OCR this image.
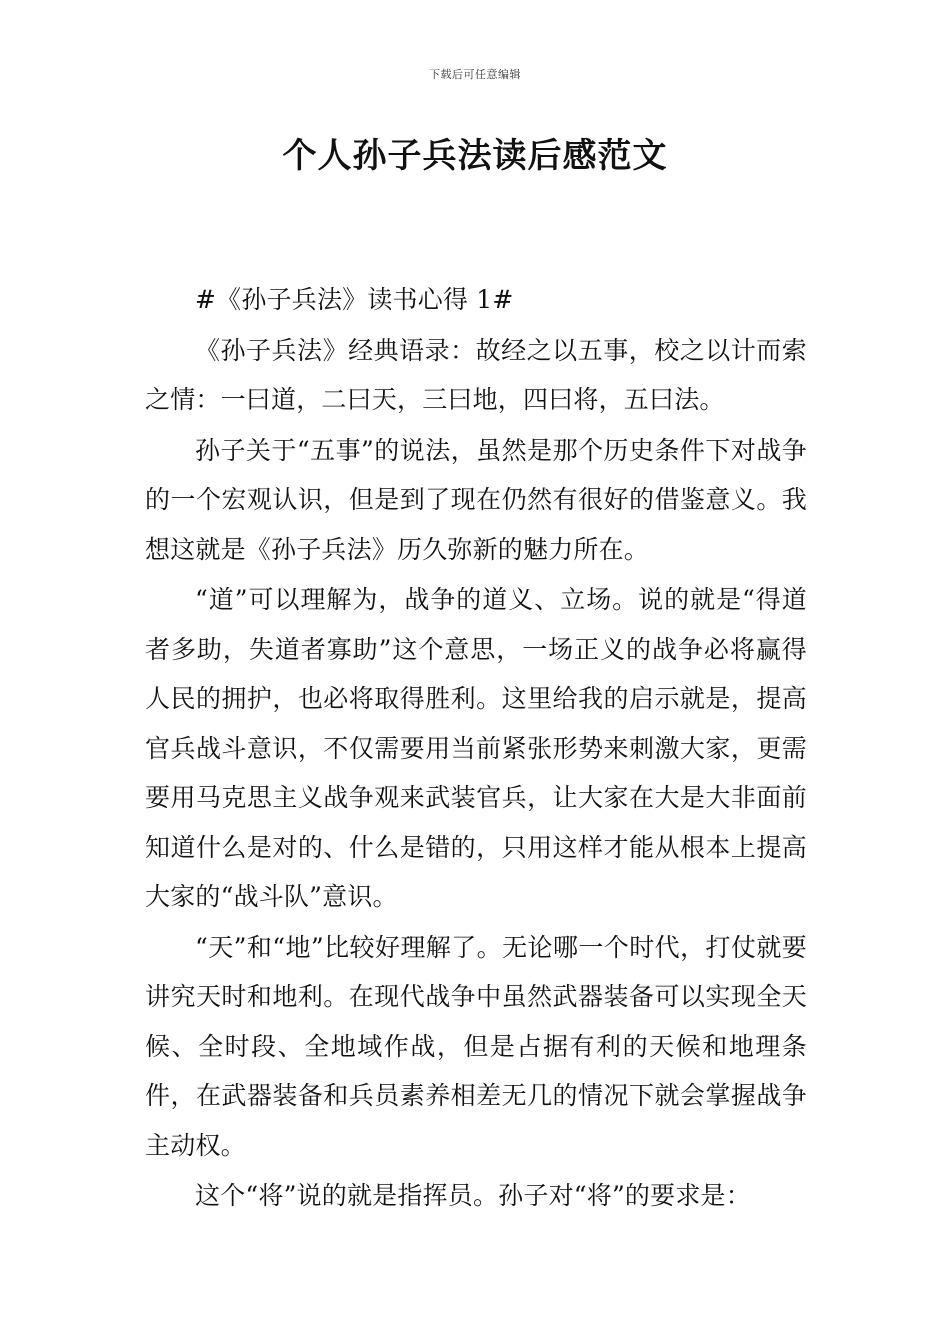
下载后可任意编辑
个人孙子兵法读后感范文

#《孙子兵法》读书心得 1#

《孙子兵法》经典语录：故经之以五事，校之以计而索之情：一曰道，二曰天，三曰地，四曰将，五曰法。

孙子关于“五事”的说法，虽然是那个历史条件下对战争的一个宏观认识，但是到了现在仍然有很好的借鉴意义。我想这就是《孙子兵法》历久弥新的魅力所在。

“道”可以理解为，战争的道义、立场。说的就是“得道者多助，失道者寡助”这个意思，一场正义的战争必将赢得人民的拥护，也必将取得胜利。这里给我的启示就是，提高官兵战斗意识，不仅需要用当前紧张形势来刺激大家，更需要用马克思主义战争观来武装官兵，让大家在大是大非面前知道什么是对的、什么是错的，只用这样才能从根本上提高大家的“战斗队”意识。

“天”和“地”比较好理解了。无论哪一个时代，打仗就要讲究天时和地利。在现代战争中虽然武器装备可以实现全天候、全时段、全地域作战，但是占据有利的天候和地理条件，在武器装备和兵员素养相差无几的情况下就会掌握战争主动权。

这个“将”说的就是指挥员。孙子对“将”的要求是：
